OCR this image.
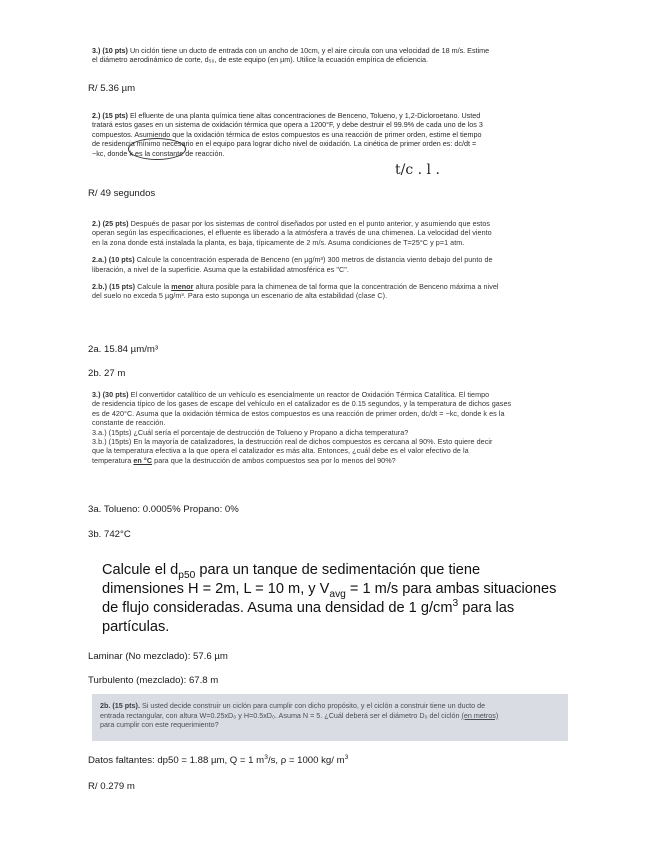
3.) (10 pts) Un ciclón tiene un ducto de entrada con un ancho de 10cm, y el aire circula con una velocidad de 18 m/s. Estime
el diámetro aerodinámico de corte, d₅₀, de este equipo (en µm). Utilice la ecuación empírica de eficiencia.
R/ 5.36 µm
2.) (15 pts) El efluente de una planta química tiene altas concentraciones de Benceno, Tolueno, y 1,2-Dicloroetano. Usted
tratará estos gases en un sistema de oxidación térmica que opera a 1200°F, y debe destruir el 99.9% de cada uno de los 3
compuestos. Asumiendo que la oxidación térmica de estos compuestos es una reacción de primer orden, estime el tiempo
de residencia mínimo necesario en el equipo para lograr dicho nivel de oxidación. La cinética de primer orden es: dc/dt =
−kc, donde k es la constante de reacción.
t/c . l .
R/ 49 segundos
2.) (25 pts) Después de pasar por los sistemas de control diseñados por usted en el punto anterior, y asumiendo que estos
operan según las especificaciones, el efluente es liberado a la atmósfera a través de una chimenea. La velocidad del viento
en la zona donde está instalada la planta, es baja, típicamente de 2 m/s. Asuma condiciones de T=25°C y p=1 atm.
2.a.) (10 pts) Calcule la concentración esperada de Benceno (en µg/m³) 300 metros de distancia viento debajo del punto de
liberación, a nivel de la superficie. Asuma que la estabilidad atmosférica es "C".
2.b.) (15 pts) Calcule la menor altura posible para la chimenea de tal forma que la concentración de Benceno máxima a nivel
del suelo no exceda 5 µg/m³. Para esto suponga un escenario de alta estabilidad (clase C).
2a. 15.84 µm/m³
2b. 27 m
3.) (30 pts) El convertidor catalítico de un vehículo es esencialmente un reactor de Oxidación Térmica Catalítica. El tiempo
de residencia típico de los gases de escape del vehículo en el catalizador es de 0.15 segundos, y la temperatura de dichos gases
es de 420°C. Asuma que la oxidación térmica de estos compuestos es una reacción de primer orden, dc/dt = −kc, donde k es la
constante de reacción.
3.a.) (15pts) ¿Cuál sería el porcentaje de destrucción de Tolueno y Propano a dicha temperatura?
3.b.) (15pts) En la mayoría de catalizadores, la destrucción real de dichos compuestos es cercana al 90%. Esto quiere decir
que la temperatura efectiva a la que opera el catalizador es más alta. Entonces, ¿cuál debe es el valor efectivo de la
temperatura en °C para que la destrucción de ambos compuestos sea por lo menos del 90%?
3a. Tolueno: 0.0005% Propano: 0%
3b. 742°C
Calcule el $d_{p50}$ para un tanque de sedimentación que tiene
dimensiones H = 2m, L = 10 m, y $V_{avg} = 1$ m/s para ambas situaciones
de flujo consideradas. Asuma una densidad de 1 $g/cm^3$ para las
partículas.
Laminar (No mezclado): 57.6 µm
Turbulento (mezclado): 67.8 m
2b. (15 pts). Si usted decide construir un ciclón para cumplir con dicho propósito, y el ciclón a construir tiene un ducto de
entrada rectangular, con altura W=0.25xD₀ y H=0.5xD₀. Asuma N = 5. ¿Cuál deberá ser el diámetro D₀ del ciclón (en metros)
para cumplir con este requerimiento?
Datos faltantes: dp50 = 1.88 µm, Q = 1 $m^3/s$, ρ = 1000 kg/ $m^3$
R/ 0.279 m
